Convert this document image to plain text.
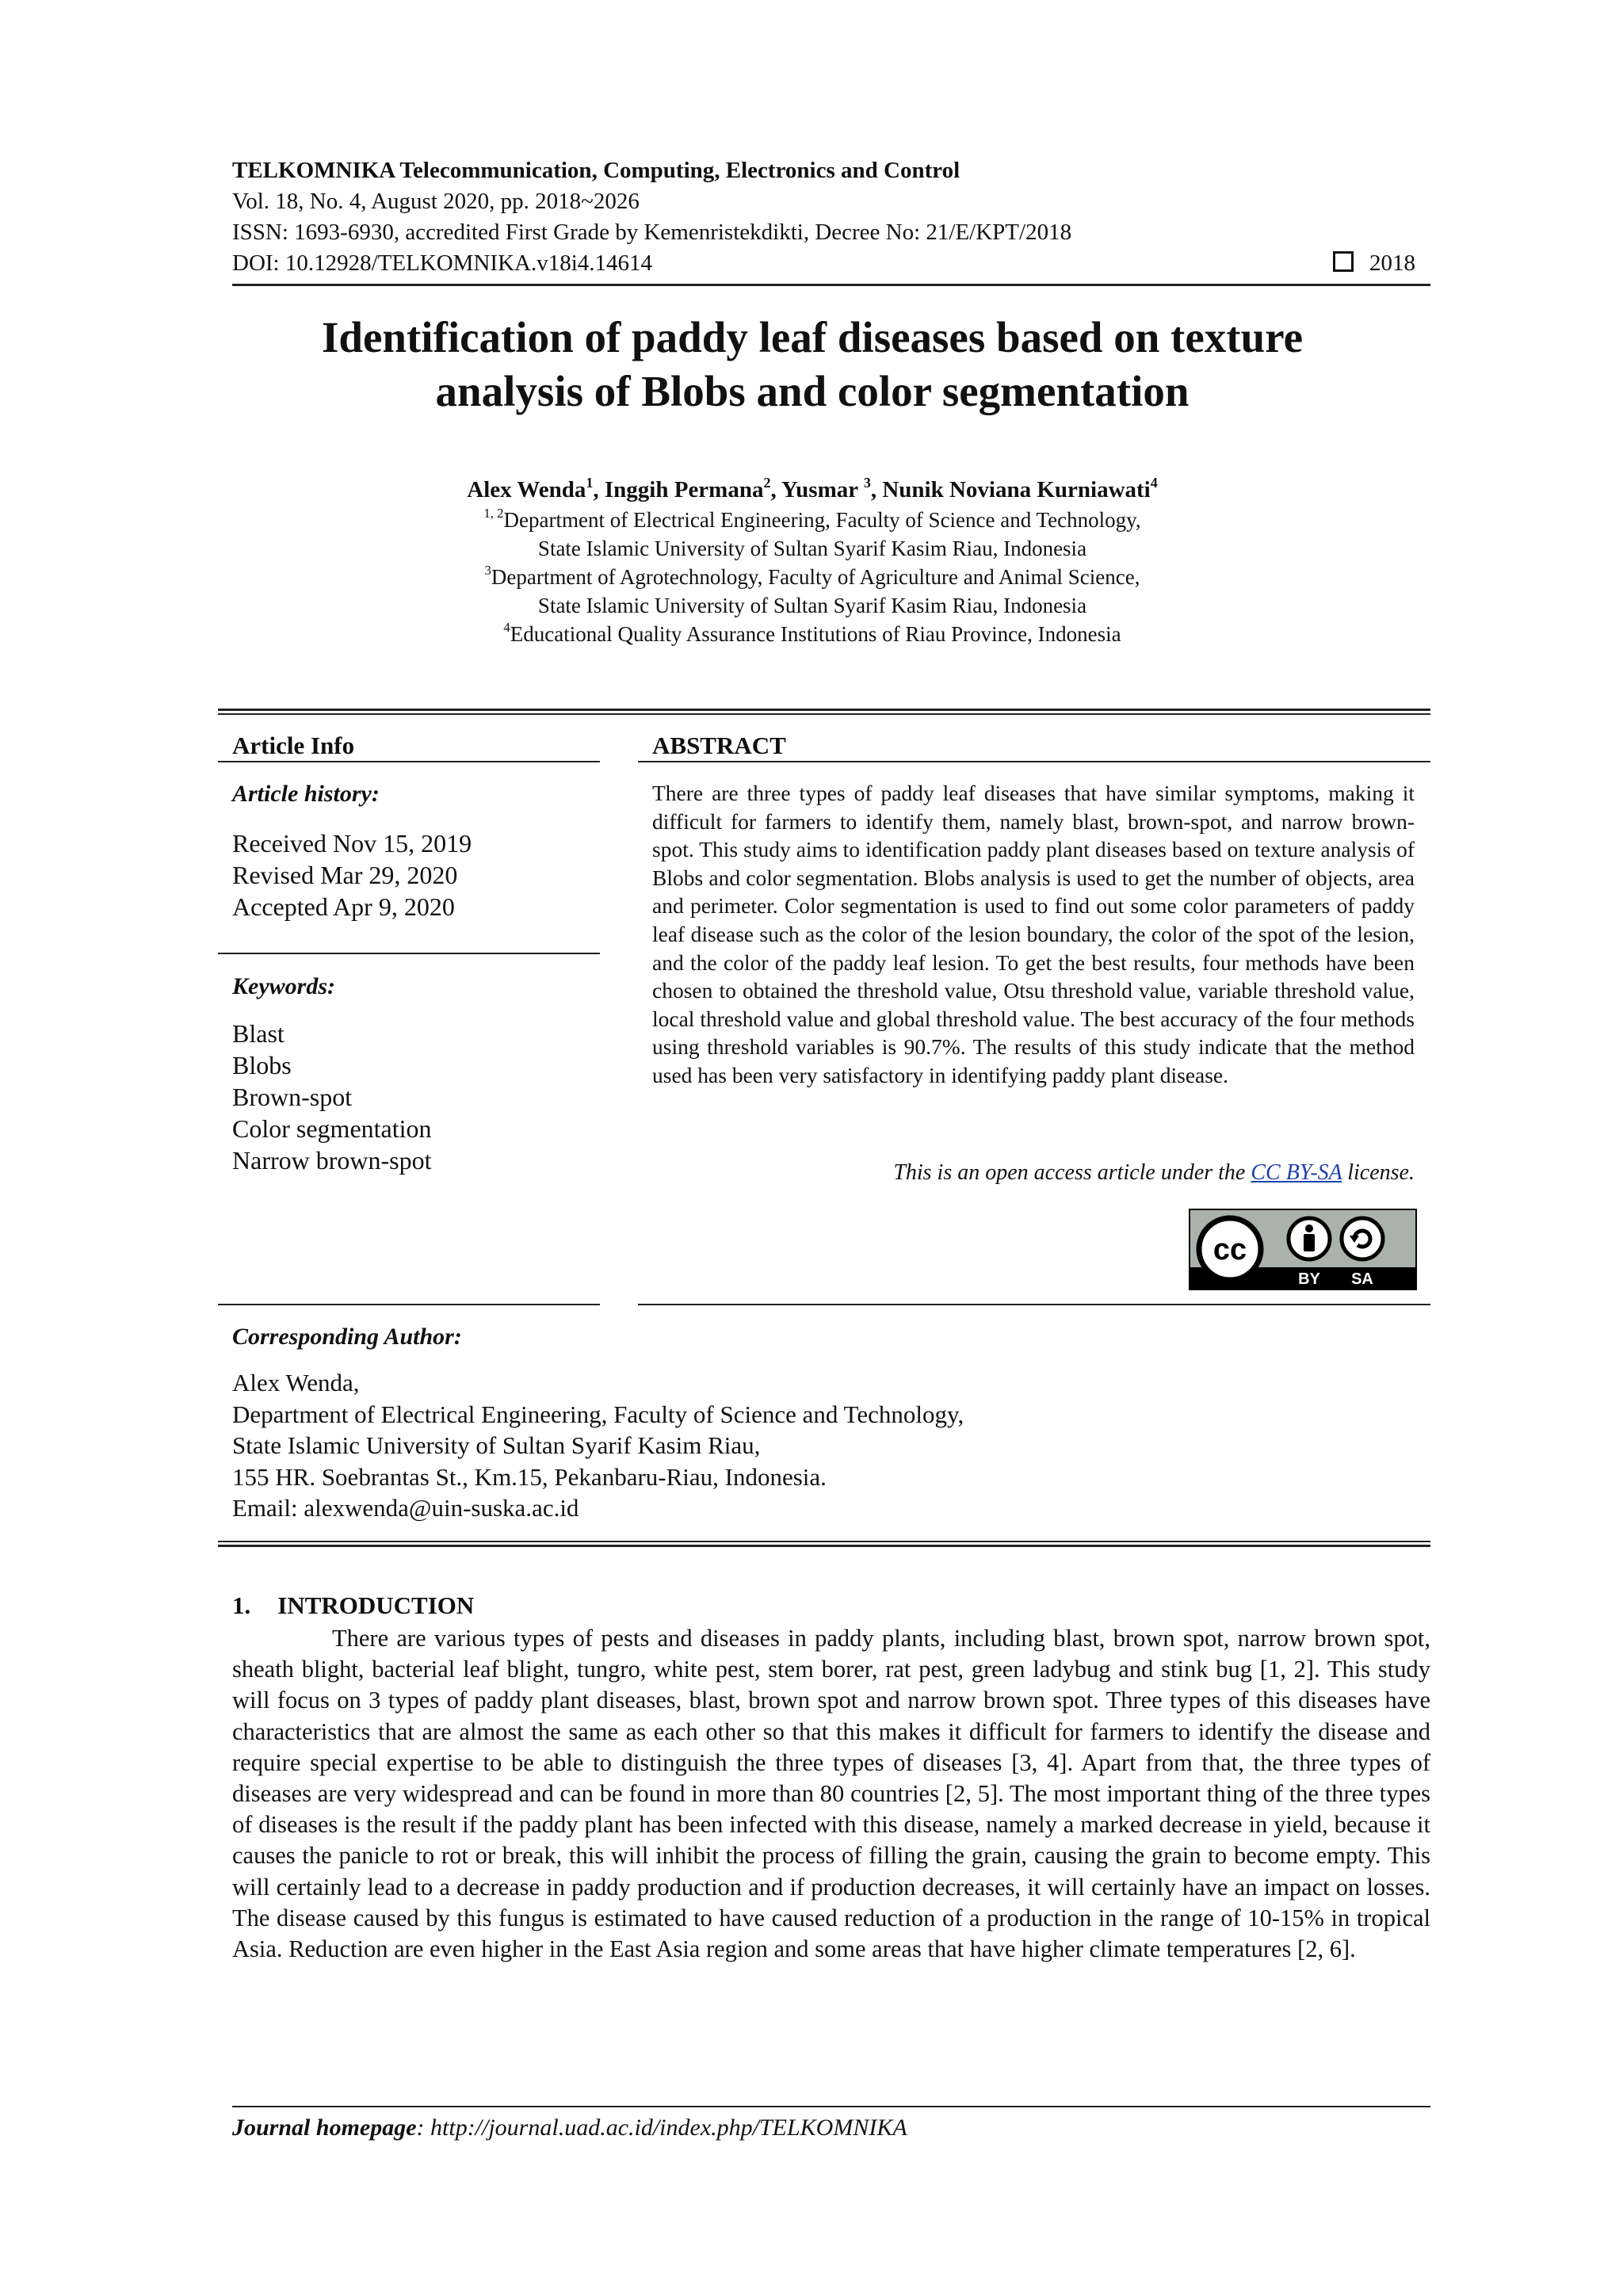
TELKOMNIKA Telecommunication, Computing, Electronics and Control
Vol. 18, No. 4, August 2020, pp. 2018~2026
ISSN: 1693-6930, accredited First Grade by Kemenristekdikti, Decree No: 21/E/KPT/2018
DOI: 10.12928/TELKOMNIKA.v18i4.14614	2018
Identification of paddy leaf diseases based on texture
analysis of Blobs and color segmentation
Alex Wenda$^1$, Inggih Permana$^2$, Yusmar $^3$, Nunik Noviana Kurniawati$^4$
$^{1, 2}$Department of Electrical Engineering, Faculty of Science and Technology,
State Islamic University of Sultan Syarif Kasim Riau, Indonesia
$^3$Department of Agrotechnology, Faculty of Agriculture and Animal Science,
State Islamic University of Sultan Syarif Kasim Riau, Indonesia
$^4$Educational Quality Assurance Institutions of Riau Province, Indonesia
Article Info
Article history:
Received Nov 15, 2019
Revised Mar 29, 2020
Accepted Apr 9, 2020
Keywords:
Blast
Blobs
Brown-spot
Color segmentation
Narrow brown-spot
ABSTRACT
There are three types of paddy leaf diseases that have similar symptoms, making it difficult for farmers to identify them, namely blast, brown-spot, and narrow brown-spot. This study aims to identification paddy plant diseases based on texture analysis of Blobs and color segmentation. Blobs analysis is used to get the number of objects, area and perimeter. Color segmentation is used to find out some color parameters of paddy leaf disease such as the color of the lesion boundary, the color of the spot of the lesion, and the color of the paddy leaf lesion. To get the best results, four methods have been chosen to obtained the threshold value, Otsu threshold value, variable threshold value, local threshold value and global threshold value. The best accuracy of the four methods using threshold variables is 90.7%. The results of this study indicate that the method used has been very satisfactory in identifying paddy plant disease.
This is an open access article under the CC BY-SA license.
cc
BY SA
Corresponding Author:
Alex Wenda,
Department of Electrical Engineering, Faculty of Science and Technology,
State Islamic University of Sultan Syarif Kasim Riau,
155 HR. Soebrantas St., Km.15, Pekanbaru-Riau, Indonesia.
Email: alexwenda@uin-suska.ac.id
1. INTRODUCTION

There are various types of pests and diseases in paddy plants, including blast, brown spot, narrow brown spot, sheath blight, bacterial leaf blight, tungro, white pest, stem borer, rat pest, green ladybug and stink bug [1, 2]. This study will focus on 3 types of paddy plant diseases, blast, brown spot and narrow brown spot. Three types of this diseases have characteristics that are almost the same as each other so that this makes it difficult for farmers to identify the disease and require special expertise to be able to distinguish the three types of diseases [3, 4]. Apart from that, the three types of diseases are very widespread and can be found in more than 80 countries [2, 5]. The most important thing of the three types of diseases is the result if the paddy plant has been infected with this disease, namely a marked decrease in yield, because it causes the panicle to rot or break, this will inhibit the process of filling the grain, causing the grain to become empty. This will certainly lead to a decrease in paddy production and if production decreases, it will certainly have an impact on losses. The disease caused by this fungus is estimated to have caused reduction of a production in the range of 10-15% in tropical Asia. Reduction are even higher in the East Asia region and some areas that have higher climate temperatures [2, 6].

Journal homepage: http://journal.uad.ac.id/index.php/TELKOMNIKA
